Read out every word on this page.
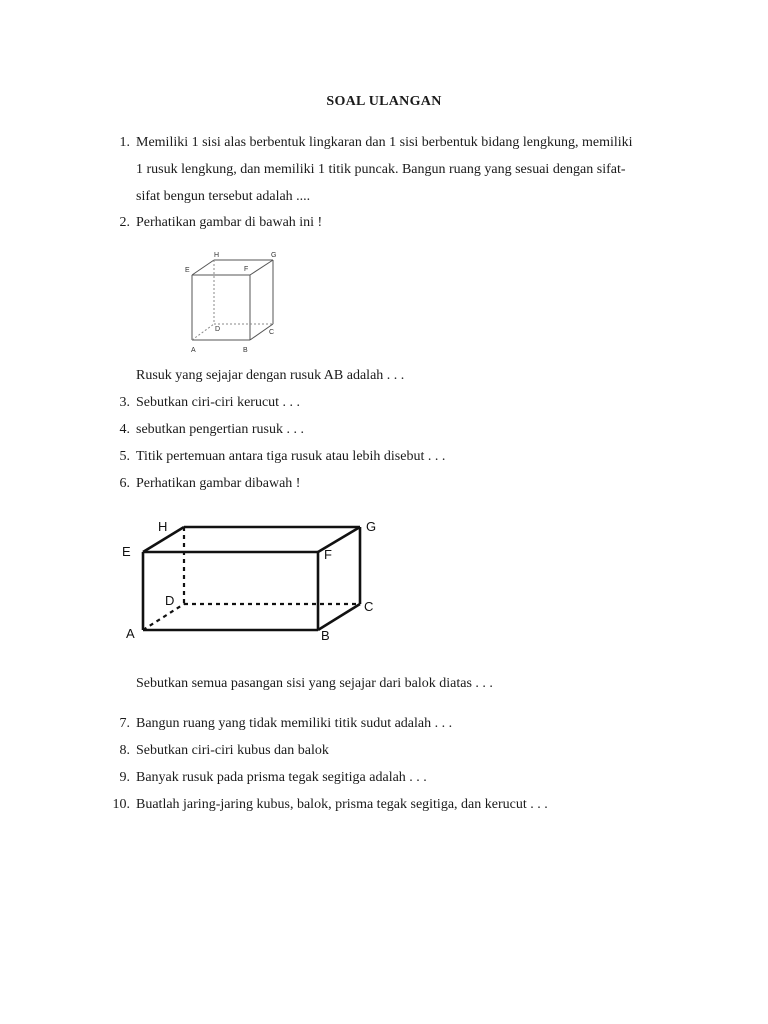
SOAL ULANGAN
1. Memiliki 1 sisi alas berbentuk lingkaran dan 1 sisi berbentuk bidang lengkung, memiliki
1 rusuk lengkung, dan memiliki 1 titik puncak. Bangun ruang yang sesuai dengan sifat-
sifat bengun tersebut adalah ....
2. Perhatikan gambar di bawah ini !
E
H
F
G
D	C
A	B
Rusuk yang sejajar dengan rusuk AB adalah . . .
3. Sebutkan ciri-ciri kerucut . . .
4. sebutkan pengertian rusuk . . .
5. Titik pertemuan antara tiga rusuk atau lebih disebut . . .
6. Perhatikan gambar dibawah !
H	G
E	F
D	C
A	B
Sebutkan semua pasangan sisi yang sejajar dari balok diatas . . .
7. Bangun ruang yang tidak memiliki titik sudut adalah . . .
8. Sebutkan ciri-ciri kubus dan balok
9. Banyak rusuk pada prisma tegak segitiga adalah . . .
10. Buatlah jaring-jaring kubus, balok, prisma tegak segitiga, dan kerucut . . .
